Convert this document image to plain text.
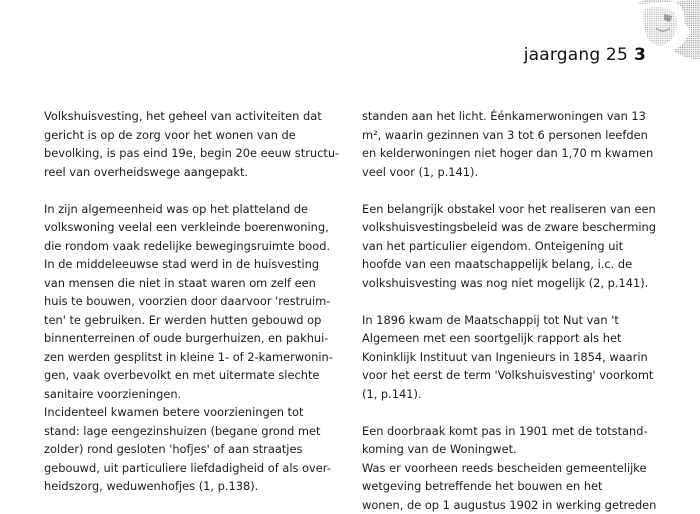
jaargang 25 3
Volkshuisvesting, het geheel van activiteiten dat
gericht is op de zorg voor het wonen van de
bevolking, is pas eind 19e, begin 20e eeuw structu-
reel van overheidswege aangepakt.
In zijn algemeenheid was op het platteland de
volkswoning veelal een verkleinde boerenwoning,
die rondom vaak redelijke bewegingsruimte bood.
In de middeleeuwse stad werd in de huisvesting
van mensen die niet in staat waren om zelf een
huis te bouwen, voorzien door daarvoor 'restruim-
ten' te gebruiken. Er werden hutten gebouwd op
binnenterreinen of oude burgerhuizen, en pakhui-
zen werden gesplitst in kleine 1- of 2-kamerwonin-
gen, vaak overbevolkt en met uitermate slechte
sanitaire voorzieningen.
Incidenteel kwamen betere voorzieningen tot
stand: lage eengezinshuizen (begane grond met
zolder) rond gesloten 'hofjes' of aan straatjes
gebouwd, uit particuliere liefdadigheid of als over-
heidszorg, weduwenhofjes (1, p.138).
standen aan het licht. Éénkamerwoningen van 13
m², waarin gezinnen van 3 tot 6 personen leefden
en kelderwoningen niet hoger dan 1,70 m kwamen
veel voor (1, p.141).
Een belangrijk obstakel voor het realiseren van een
volkshuisvestingsbeleid was de zware bescherming
van het particulier eigendom. Onteigening uit
hoofde van een maatschappelijk belang, i.c. de
volkshuisvesting was nog niet mogelijk (2, p.141).
In 1896 kwam de Maatschappij tot Nut van 't
Algemeen met een soortgelijk rapport als het
Koninklijk Instituut van Ingenieurs in 1854, waarin
voor het eerst de term 'Volkshuisvesting' voorkomt
(1, p.141).
Een doorbraak komt pas in 1901 met de totstand-
koming van de Woningwet.
Was er voorheen reeds bescheiden gemeentelijke
wetgeving betreffende het bouwen en het
wonen, de op 1 augustus 1902 in werking getreden
